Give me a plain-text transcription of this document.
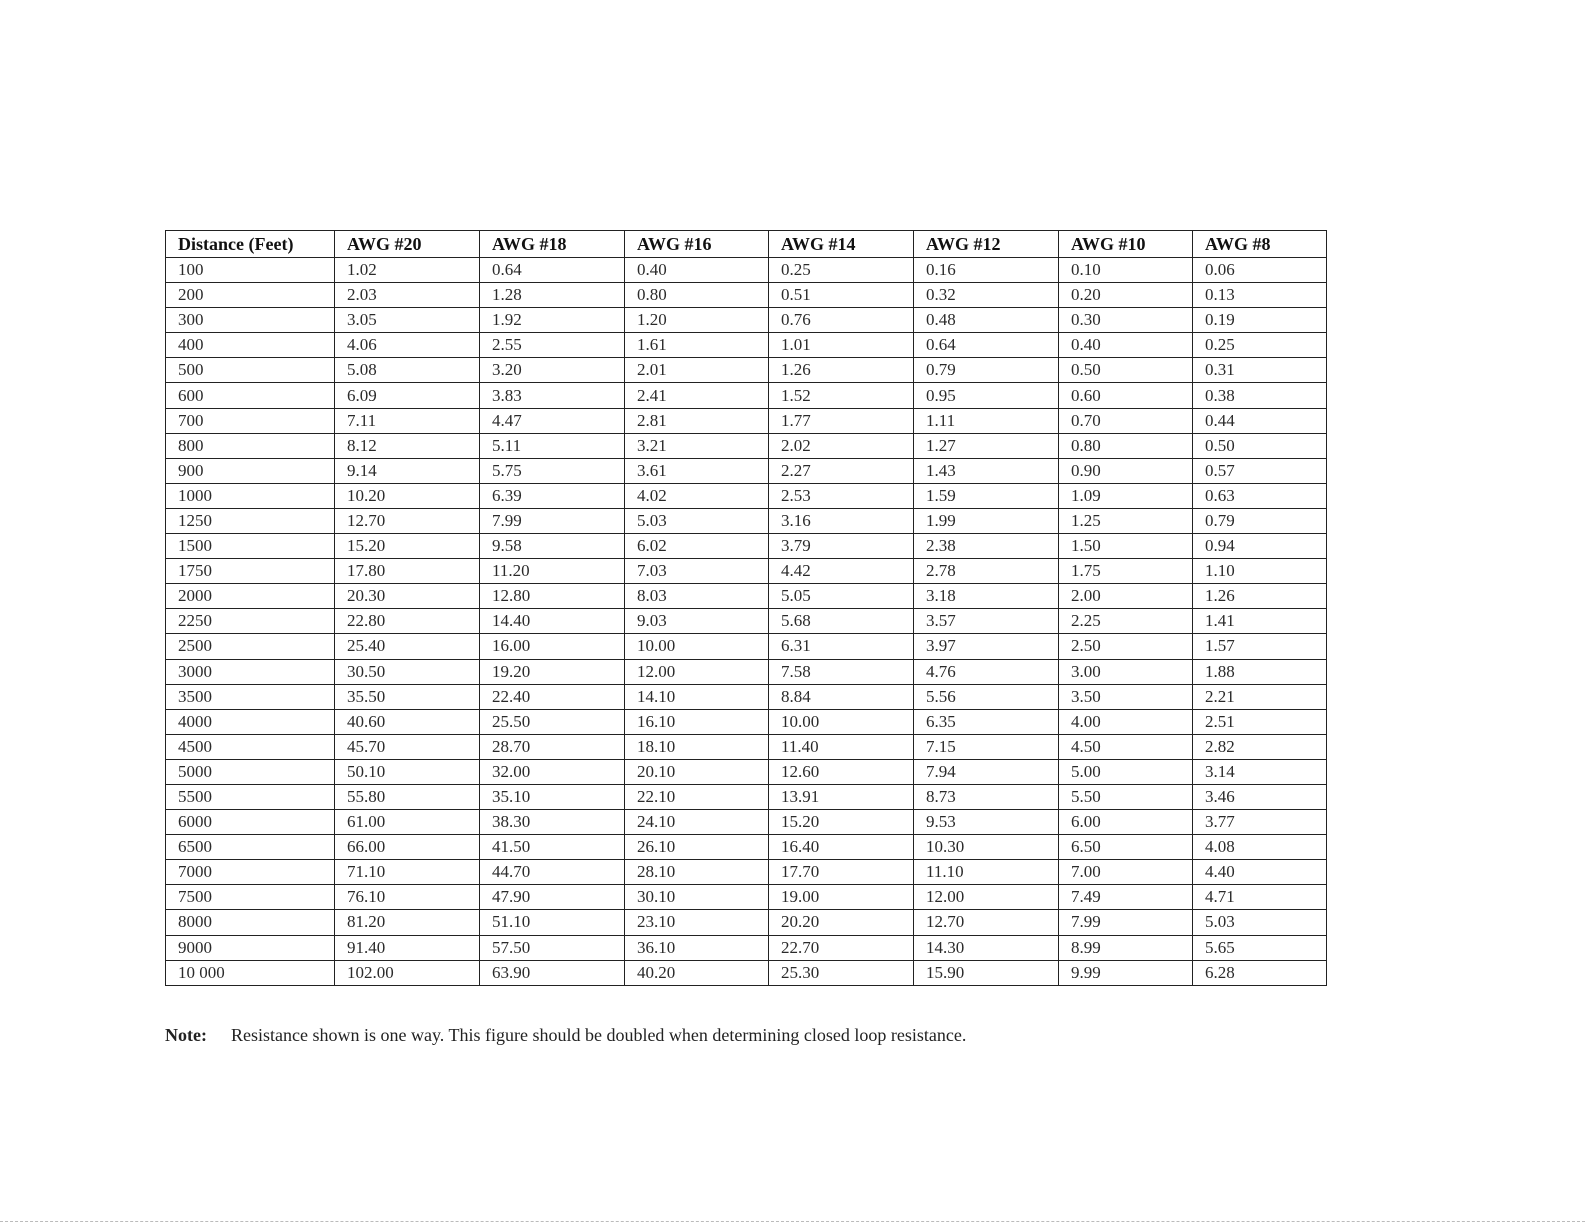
Distance (Feet)	AWG #20	AWG #18	AWG #16	AWG #14	AWG #12	AWG #10	AWG #8
100	1.02	0.64	0.40	0.25	0.16	0.10	0.06
200	2.03	1.28	0.80	0.51	0.32	0.20	0.13
300	3.05	1.92	1.20	0.76	0.48	0.30	0.19
400	4.06	2.55	1.61	1.01	0.64	0.40	0.25
500	5.08	3.20	2.01	1.26	0.79	0.50	0.31
600	6.09	3.83	2.41	1.52	0.95	0.60	0.38
700	7.11	4.47	2.81	1.77	1.11	0.70	0.44
800	8.12	5.11	3.21	2.02	1.27	0.80	0.50
900	9.14	5.75	3.61	2.27	1.43	0.90	0.57
1000	10.20	6.39	4.02	2.53	1.59	1.09	0.63
1250	12.70	7.99	5.03	3.16	1.99	1.25	0.79
1500	15.20	9.58	6.02	3.79	2.38	1.50	0.94
1750	17.80	11.20	7.03	4.42	2.78	1.75	1.10
2000	20.30	12.80	8.03	5.05	3.18	2.00	1.26
2250	22.80	14.40	9.03	5.68	3.57	2.25	1.41
2500	25.40	16.00	10.00	6.31	3.97	2.50	1.57
3000	30.50	19.20	12.00	7.58	4.76	3.00	1.88
3500	35.50	22.40	14.10	8.84	5.56	3.50	2.21
4000	40.60	25.50	16.10	10.00	6.35	4.00	2.51
4500	45.70	28.70	18.10	11.40	7.15	4.50	2.82
5000	50.10	32.00	20.10	12.60	7.94	5.00	3.14
5500	55.80	35.10	22.10	13.91	8.73	5.50	3.46
6000	61.00	38.30	24.10	15.20	9.53	6.00	3.77
6500	66.00	41.50	26.10	16.40	10.30	6.50	4.08
7000	71.10	44.70	28.10	17.70	11.10	7.00	4.40
7500	76.10	47.90	30.10	19.00	12.00	7.49	4.71
8000	81.20	51.10	23.10	20.20	12.70	7.99	5.03
9000	91.40	57.50	36.10	22.70	14.30	8.99	5.65
10 000	102.00	63.90	40.20	25.30	15.90	9.99	6.28
Note: Resistance shown is one way. This figure should be doubled when determining closed loop resistance.
